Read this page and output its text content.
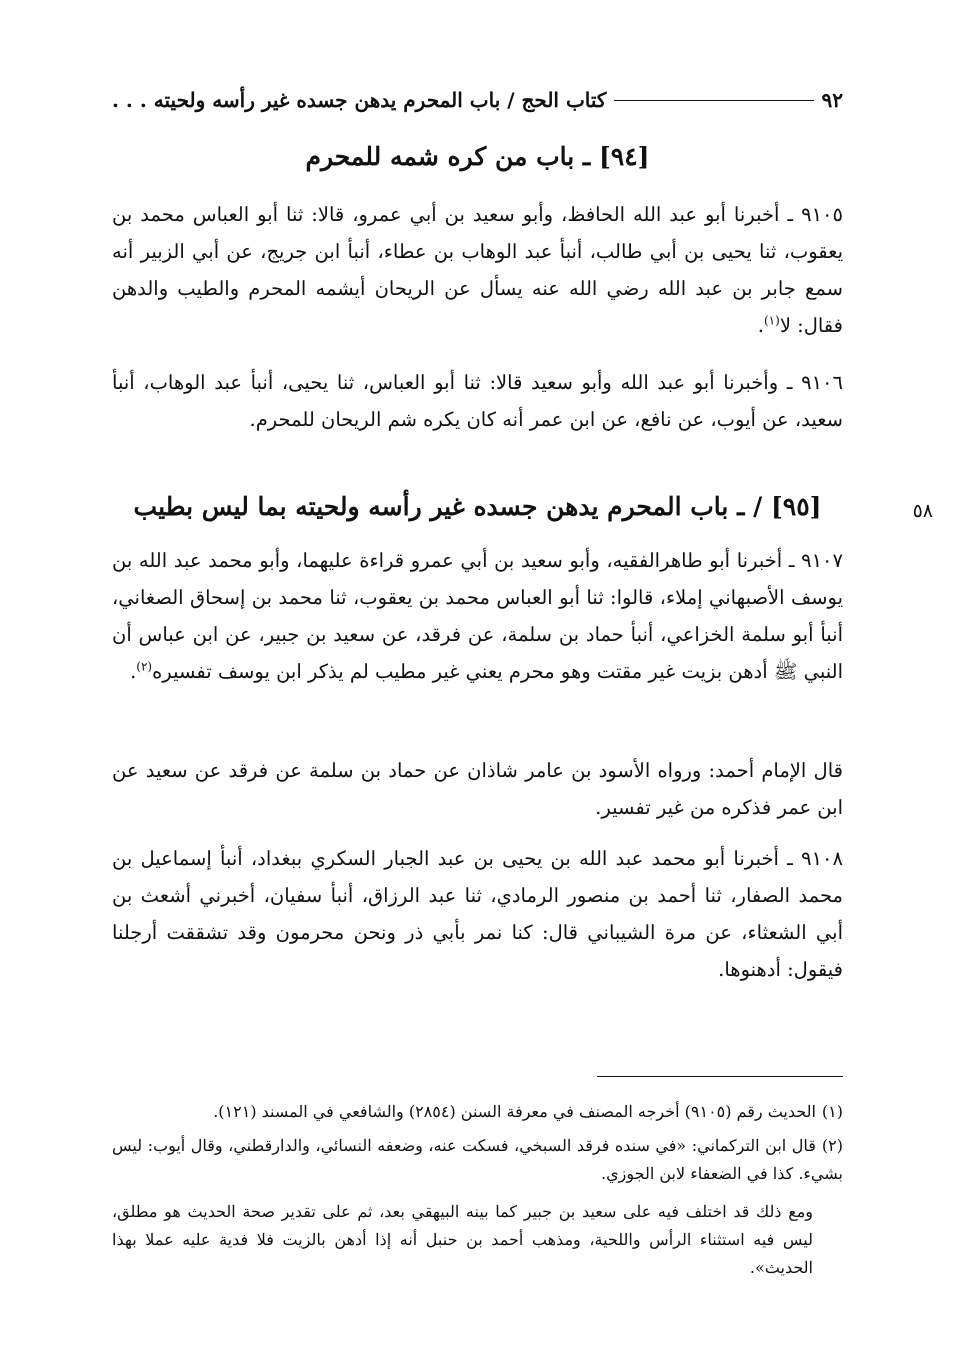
٩٢
كتاب الحج / باب المحرم يدهن جسده غير رأسه ولحيته . . .
[٩٤] ـ باب من كره شمه للمحرم
٩١٠٥ ـ أخبرنا أبو عبد الله الحافظ، وأبو سعيد بن أبي عمرو، قالا: ثنا أبو العباس محمد بن يعقوب، ثنا يحيى بن أبي طالب، أنبأ عبد الوهاب بن عطاء، أنبأ ابن جريج، عن أبي الزبير أنه سمع جابر بن عبد الله رضي الله عنه يسأل عن الريحان أيشمه المحرم والطيب والدهن فقال: لا$^{(١)}$.
٩١٠٦ ـ وأخبرنا أبو عبد الله وأبو سعيد قالا: ثنا أبو العباس، ثنا يحيى، أنبأ عبد الوهاب، أنبأ سعيد، عن أيوب، عن نافع، عن ابن عمر أنه كان يكره شم الريحان للمحرم.
٥٨
[٩٥] / ـ باب المحرم يدهن جسده غير رأسه ولحيته بما ليس بطيب
٩١٠٧ ـ أخبرنا أبو طاهرالفقيه، وأبو سعيد بن أبي عمرو قراءة عليهما، وأبو محمد عبد الله بن يوسف الأصبهاني إملاء، قالوا: ثنا أبو العباس محمد بن يعقوب، ثنا محمد بن إسحاق الصغاني، أنبأ أبو سلمة الخزاعي، أنبأ حماد بن سلمة، عن فرقد، عن سعيد بن جبير، عن ابن عباس أن النبي ﷺ أدهن بزيت غير مقتت وهو محرم يعني غير مطيب لم يذكر ابن يوسف تفسيره$^{(٢)}$.
قال الإمام أحمد: ورواه الأسود بن عامر شاذان عن حماد بن سلمة عن فرقد عن سعيد عن ابن عمر فذكره من غير تفسير.
٩١٠٨ ـ أخبرنا أبو محمد عبد الله بن يحيى بن عبد الجبار السكري ببغداد، أنبأ إسماعيل بن محمد الصفار، ثنا أحمد بن منصور الرمادي، ثنا عبد الرزاق، أنبأ سفيان، أخبرني أشعث بن أبي الشعثاء، عن مرة الشيباني قال: كنا نمر بأبي ذر ونحن محرمون وقد تشققت أرجلنا فيقول: أدهنوها.
(١)الحديث رقم (٩١٠٥) أخرجه المصنف في معرفة السنن (٢٨٥٤) والشافعي في المسند (١٢١).
(٢)قال ابن التركماني: «في سنده فرقد السبخي، فسكت عنه، وضعفه النسائي، والدارقطني، وقال أيوب: ليس بشيء. كذا في الضعفاء لابن الجوزي.
ومع ذلك قد اختلف فيه على سعيد بن جبير كما بينه البيهقي بعد، ثم على تقدير صحة الحديث هو مطلق، ليس فيه استثناء الرأس واللحية، ومذهب أحمد بن حنبل أنه إذا أدهن بالزيت فلا فدية عليه عملا بهذا الحديث».
